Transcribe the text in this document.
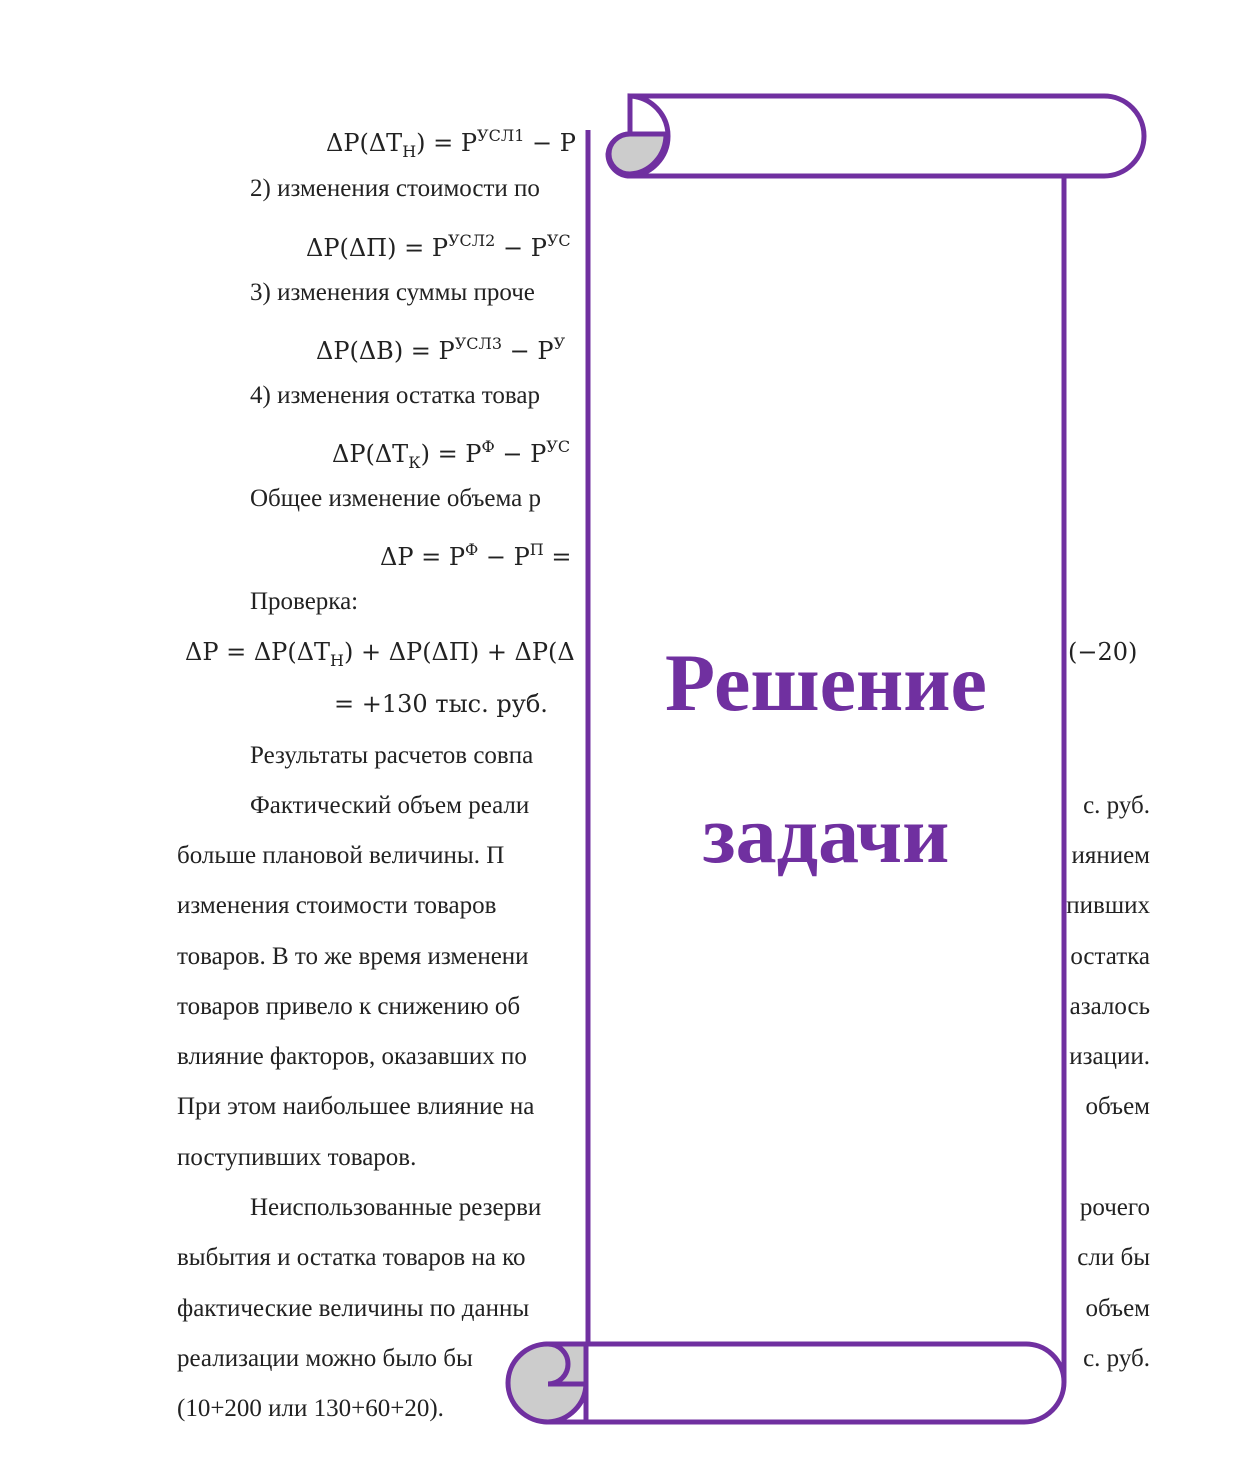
$\Delta Р(\Delta Т_Н) = Р^{УСЛ1} - Р$
2) изменения стоимости по
$\Delta Р(\Delta П) = Р^{УСЛ2} - Р^{УС}$
3) изменения суммы проче
$\Delta Р(\Delta В) = Р^{УСЛ3} - Р^У$
4) изменения остатка товар
$\Delta Р(\Delta Т_К) = Р^Ф - Р^{УС}$
Общее изменение объема р
$\Delta Р = Р^Ф - Р^П$ =
Проверка:
$\Delta Р = \Delta Р(\Delta Т_Н) + \Delta Р(\Delta П) + \Delta Р(\Delta$	(−20)
= +130 тыс. руб.
Результаты расчетов совпа
Фактический объем реали	с. руб.
больше плановой величины. П	иянием
изменения стоимости товаров	пивших
товаров. В то же время изменени	остатка
товаров привело к снижению об	азалось
влияние факторов, оказавших по	изации.
При этом наибольшее влияние на	объем
поступивших товаров.
Неиспользованные резерви	рочего
выбытия и остатка товаров на ко	сли бы
фактические величины по данны	объем
реализации можно было бы	с. руб.
(10+200 или 130+60+20).
Решение
задачи
